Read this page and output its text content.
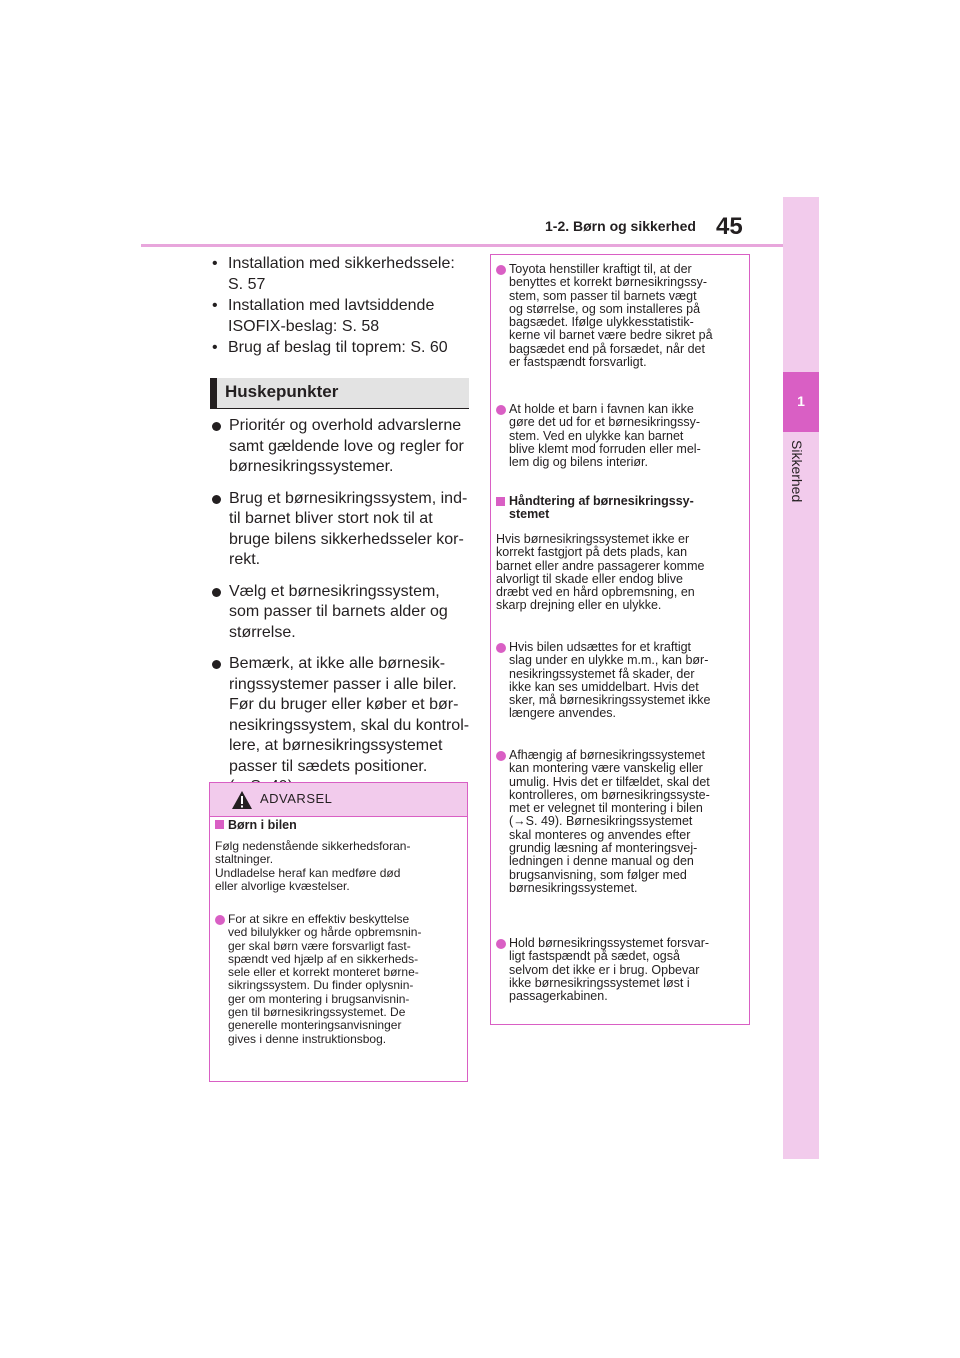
1-2. Børn og sikkerhed 45
1
Sikkerhed
• Installation med sikkerhedssele:
S. 57
• Installation med lavtsiddende
ISOFIX-beslag: S. 58
• Brug af beslag til toprem: S. 60
Huskepunkter
Prioritér og overhold advarslerne
samt gældende love og regler for
børnesikringssystemer.
Brug et børnesikringssystem, ind-
til barnet bliver stort nok til at
bruge bilens sikkerhedsseler kor-
rekt.
Vælg et børnesikringssystem,
som passer til barnets alder og
størrelse.
Bemærk, at ikke alle børnesik-
ringssystemer passer i alle biler.
Før du bruger eller køber et bør-
nesikringssystem, skal du kontrol-
lere, at børnesikringssystemet
passer til sædets positioner.
ADVARSEL
Børn i bilen
Følg nedenstående sikkerhedsforan-
staltninger.
Undladelse heraf kan medføre død
eller alvorlige kvæstelser.
For at sikre en effektiv beskyttelse
ved bilulykker og hårde opbremsnin-
ger skal børn være forsvarligt fast-
spændt ved hjælp af en sikkerheds-
sele eller et korrekt monteret børne-
sikringssystem. Du finder oplysnin-
ger om montering i brugsanvisnin-
gen til børnesikringssystemet. De
generelle monteringsanvisninger
gives i denne instruktionsbog.
Toyota henstiller kraftigt til, at der
benyttes et korrekt børnesikringssy-
stem, som passer til barnets vægt
og størrelse, og som installeres på
bagsædet. Ifølge ulykkesstatistik-
kerne vil barnet være bedre sikret på
bagsædet end på forsædet, når det
er fastspændt forsvarligt.
At holde et barn i favnen kan ikke
gøre det ud for et børnesikringssy-
stem. Ved en ulykke kan barnet
blive klemt mod forruden eller mel-
lem dig og bilens interiør.
Håndtering af børnesikringssy-
stemet
Hvis børnesikringssystemet ikke er
korrekt fastgjort på dets plads, kan
barnet eller andre passagerer komme
alvorligt til skade eller endog blive
dræbt ved en hård opbremsning, en
skarp drejning eller en ulykke.
Hvis bilen udsættes for et kraftigt
slag under en ulykke m.m., kan bør-
nesikringssystemet få skader, der
ikke kan ses umiddelbart. Hvis det
sker, må børnesikringssystemet ikke
længere anvendes.
Afhængig af børnesikringssystemet
kan montering være vanskelig eller
umulig. Hvis det er tilfældet, skal det
kontrolleres, om børnesikringssyste-
met er velegnet til montering i bilen
(→S. 49). Børnesikringssystemet
skal monteres og anvendes efter
grundig læsning af monteringsvej-
ledningen i denne manual og den
brugsanvisning, som følger med
børnesikringssystemet.
Hold børnesikringssystemet forsvar-
ligt fastspændt på sædet, også
selvom det ikke er i brug. Opbevar
ikke børnesikringssystemet løst i
passagerkabinen.
